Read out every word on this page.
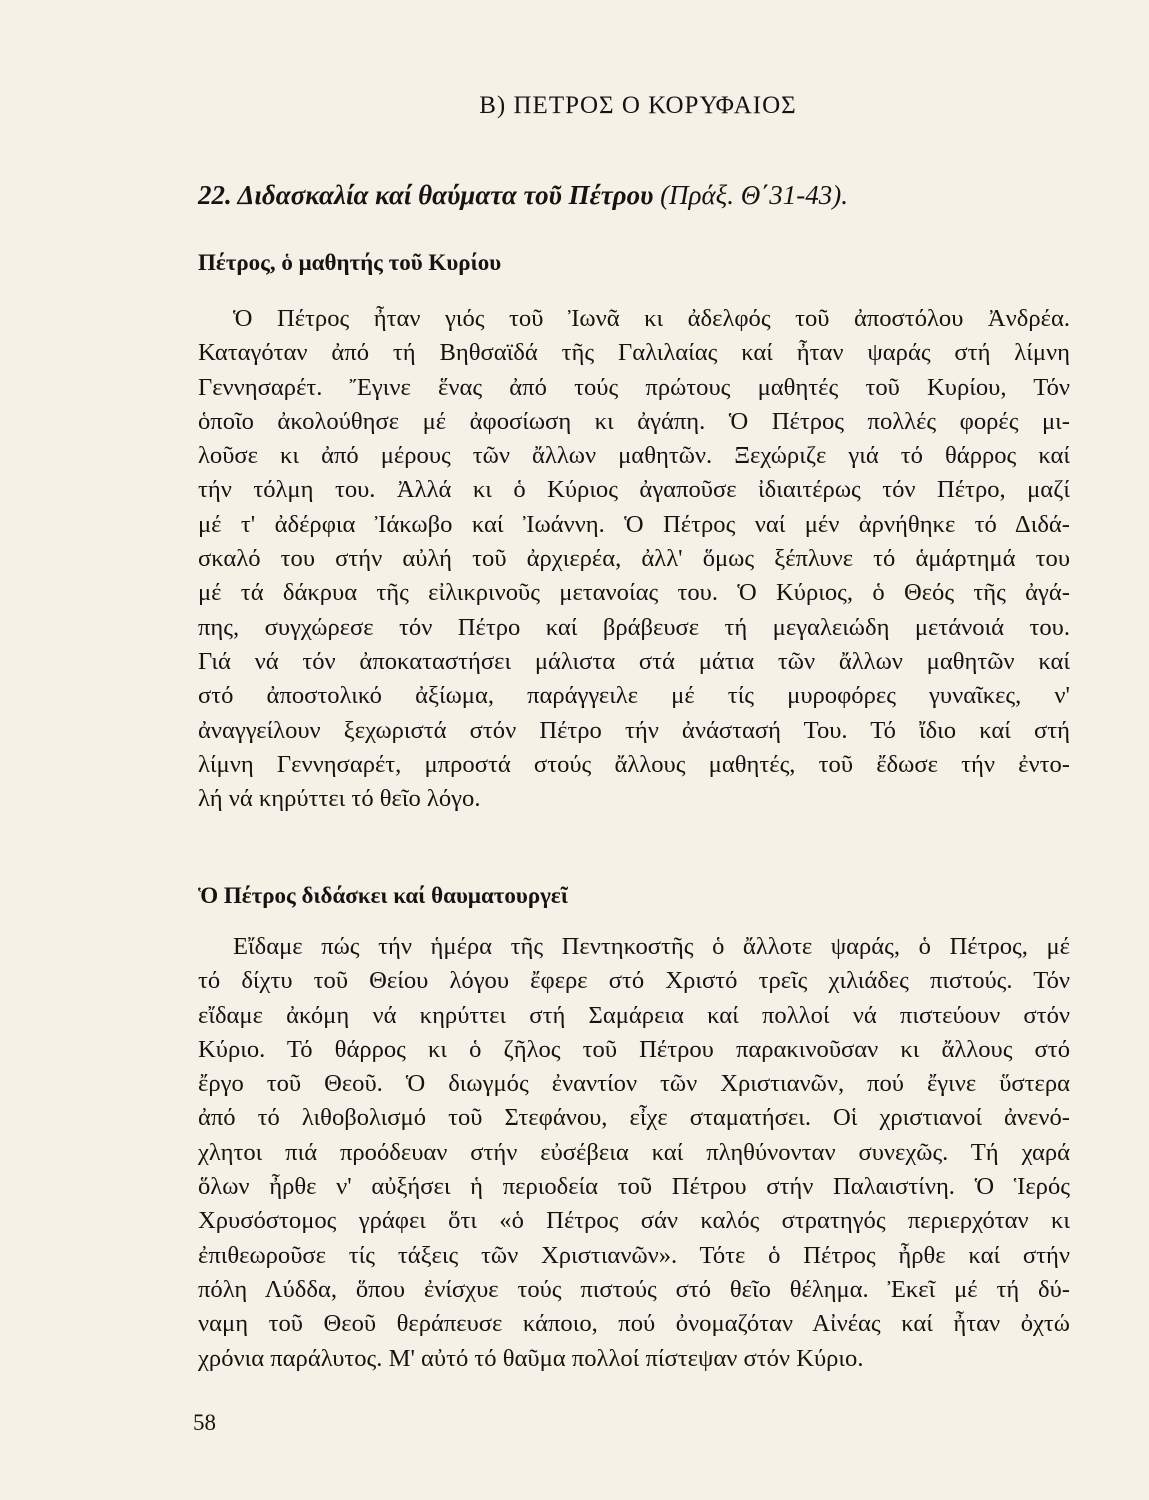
Β) ΠΕΤΡΟΣ Ο ΚΟΡΥΦΑΙΟΣ
22. Διδασκαλία καί θαύματα τοῦ Πέτρου (Πράξ. Θ΄31-43).
Πέτρος, ὁ μαθητής τοῦ Κυρίου
Ὁ Πέτρος ἦταν γιός τοῦ Ἰωνᾶ κι ἀδελφός τοῦ ἀποστόλου Ἀνδρέα.
Καταγόταν ἀπό τή Βηθσαϊδά τῆς Γαλιλαίας καί ἦταν ψαράς στή λίμνη
Γεννησαρέτ. Ἔγινε ἕνας ἀπό τούς πρώτους μαθητές τοῦ Κυρίου, Τόν
ὁποῖο ἀκολούθησε μέ ἀφοσίωση κι ἀγάπη. Ὁ Πέτρος πολλές φορές μι-
λοῦσε κι ἀπό μέρους τῶν ἄλλων μαθητῶν. Ξεχώριζε γιά τό θάρρος καί
τήν τόλμη του. Ἀλλά κι ὁ Κύριος ἀγαποῦσε ἰδιαιτέρως τόν Πέτρο, μαζί
μέ τ' ἀδέρφια Ἰάκωβο καί Ἰωάννη. Ὁ Πέτρος ναί μέν ἀρνήθηκε τό Διδά-
σκαλό του στήν αὐλή τοῦ ἀρχιερέα, ἀλλ' ὅμως ξέπλυνε τό ἁμάρτημά του
μέ τά δάκρυα τῆς εἰλικρινοῦς μετανοίας του. Ὁ Κύριος, ὁ Θεός τῆς ἀγά-
πης, συγχώρεσε τόν Πέτρο καί βράβευσε τή μεγαλειώδη μετάνοιά του.
Γιά νά τόν ἀποκαταστήσει μάλιστα στά μάτια τῶν ἄλλων μαθητῶν καί
στό ἀποστολικό ἀξίωμα, παράγγειλε μέ τίς μυροφόρες γυναῖκες, ν'
ἀναγγείλουν ξεχωριστά στόν Πέτρο τήν ἀνάστασή Του. Τό ἴδιο καί στή
λίμνη Γεννησαρέτ, μπροστά στούς ἄλλους μαθητές, τοῦ ἔδωσε τήν ἐντο-
λή νά κηρύττει τό θεῖο λόγο.
Ὁ Πέτρος διδάσκει καί θαυματουργεῖ
Εἴδαμε πώς τήν ἡμέρα τῆς Πεντηκοστῆς ὁ ἄλλοτε ψαράς, ὁ Πέτρος, μέ
τό δίχτυ τοῦ Θείου λόγου ἔφερε στό Χριστό τρεῖς χιλιάδες πιστούς. Τόν
εἴδαμε ἀκόμη νά κηρύττει στή Σαμάρεια καί πολλοί νά πιστεύουν στόν
Κύριο. Τό θάρρος κι ὁ ζῆλος τοῦ Πέτρου παρακινοῦσαν κι ἄλλους στό
ἔργο τοῦ Θεοῦ. Ὁ διωγμός ἐναντίον τῶν Χριστιανῶν, πού ἔγινε ὕστερα
ἀπό τό λιθοβολισμό τοῦ Στεφάνου, εἶχε σταματήσει. Οἱ χριστιανοί ἀνενό-
χλητοι πιά προόδευαν στήν εὐσέβεια καί πληθύνονταν συνεχῶς. Τή χαρά
ὅλων ἦρθε ν' αὐξήσει ἡ περιοδεία τοῦ Πέτρου στήν Παλαιστίνη. Ὁ Ἱερός
Χρυσόστομος γράφει ὅτι «ὁ Πέτρος σάν καλός στρατηγός περιερχόταν κι
ἐπιθεωροῦσε τίς τάξεις τῶν Χριστιανῶν». Τότε ὁ Πέτρος ἦρθε καί στήν
πόλη Λύδδα, ὅπου ἐνίσχυε τούς πιστούς στό θεῖο θέλημα. Ἐκεῖ μέ τή δύ-
ναμη τοῦ Θεοῦ θεράπευσε κάποιο, πού ὀνομαζόταν Αἰνέας καί ἦταν ὀχτώ
χρόνια παράλυτος. Μ' αὐτό τό θαῦμα πολλοί πίστεψαν στόν Κύριο.
58
